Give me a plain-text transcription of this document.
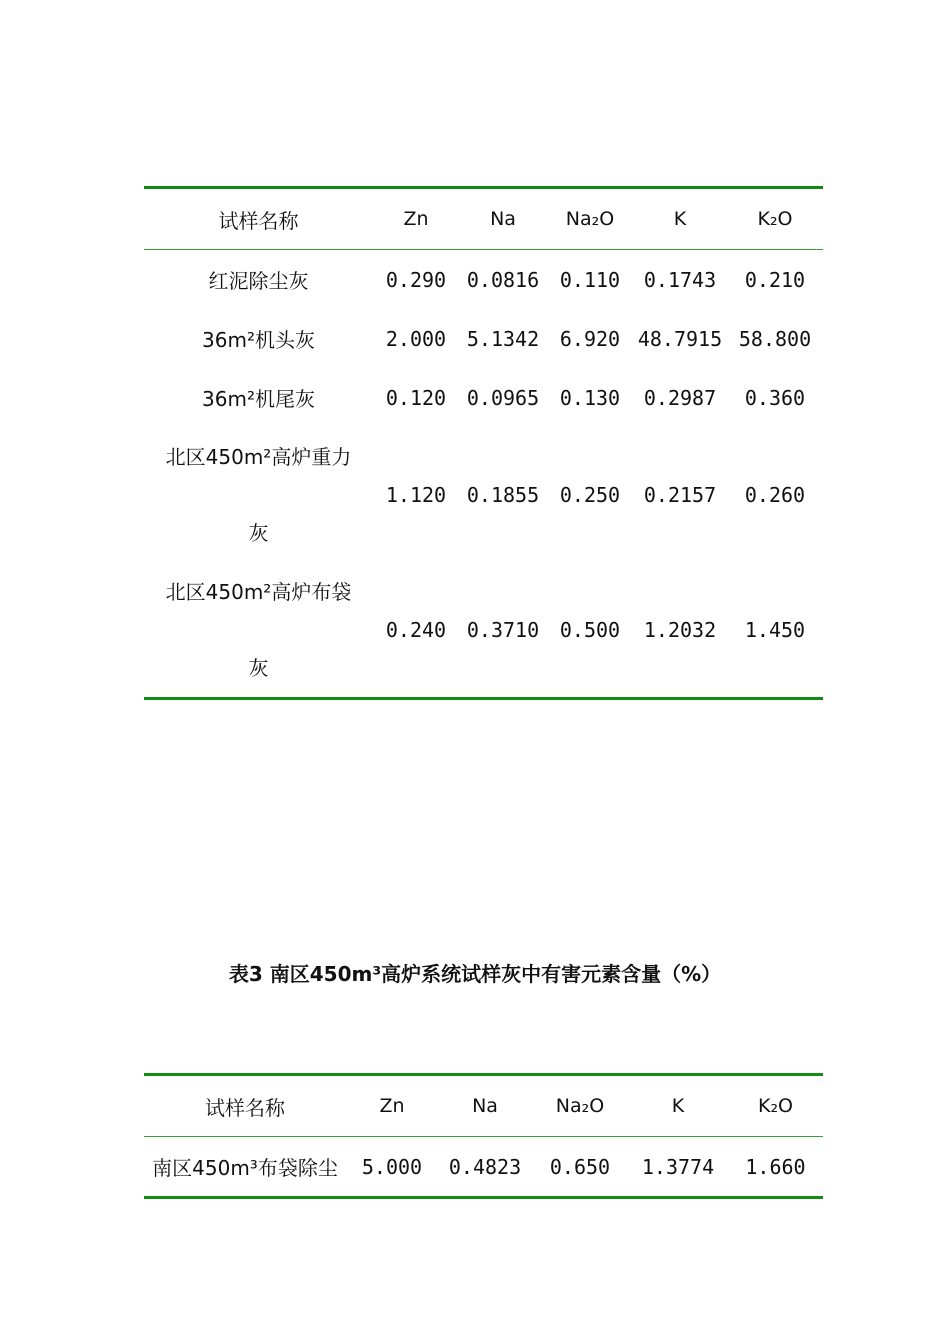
试样名称	Zn	Na	Na₂O	K	K₂O
红泥除尘灰	0.290	0.0816	0.110	0.1743	0.210
36m²机头灰	2.000	5.1342	6.920	48.7915	58.800
36m²机尾灰	0.120	0.0965	0.130	0.2987	0.360

北区450m²高炉重力
灰	1.120	0.1855	0.250	0.2157	0.260

北区450m²高炉布袋
灰	0.240	0.3710	0.500	1.2032	1.450
表3 南区450m³高炉系统试样灰中有害元素含量（%）
试样名称	Zn	Na	Na₂O	K	K₂O
南区450m³布袋除尘	5.000	0.4823	0.650	1.3774	1.660
